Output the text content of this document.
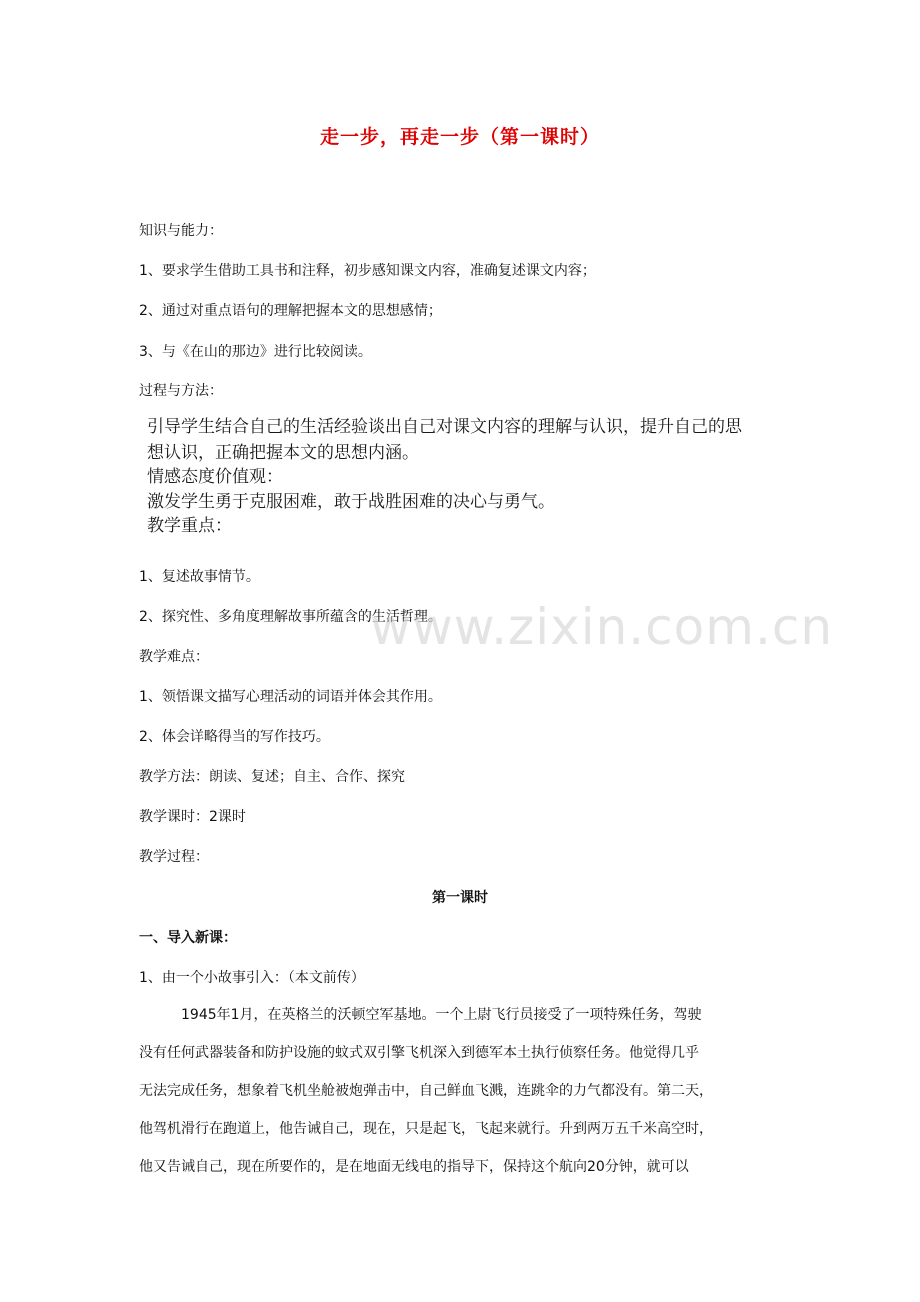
走一步，再走一步（第一课时）
知识与能力：
1、要求学生借助工具书和注释，初步感知课文内容，准确复述课文内容；
2、通过对重点语句的理解把握本文的思想感情；
3、与《在山的那边》进行比较阅读。
过程与方法：
引导学生结合自己的生活经验谈出自己对课文内容的理解与认识，提升自己的思
想认识，正确把握本文的思想内涵。
情感态度价值观：
激发学生勇于克服困难，敢于战胜困难的决心与勇气。
教学重点：
1、复述故事情节。
2、探究性、多角度理解故事所蕴含的生活哲理。
教学难点：
1、领悟课文描写心理活动的词语并体会其作用。
2、体会详略得当的写作技巧。
教学方法：朗读、复述；自主、合作、探究
教学课时：2课时
教学过程：
第一课时
一、导入新课：
1、由一个小故事引入：（本文前传）
1945年1月，在英格兰的沃顿空军基地。一个上尉飞行员接受了一项特殊任务，驾驶
没有任何武器装备和防护设施的蚊式双引擎飞机深入到德军本土执行侦察任务。他觉得几乎
无法完成任务，想象着飞机坐舱被炮弹击中，自己鲜血飞溅，连跳伞的力气都没有。第二天，
他驾机滑行在跑道上，他告诫自己，现在，只是起飞，飞起来就行。升到两万五千米高空时，
他又告诫自己，现在所要作的，是在地面无线电的指导下，保持这个航向20分钟，就可以
www.zixin.com.cn
